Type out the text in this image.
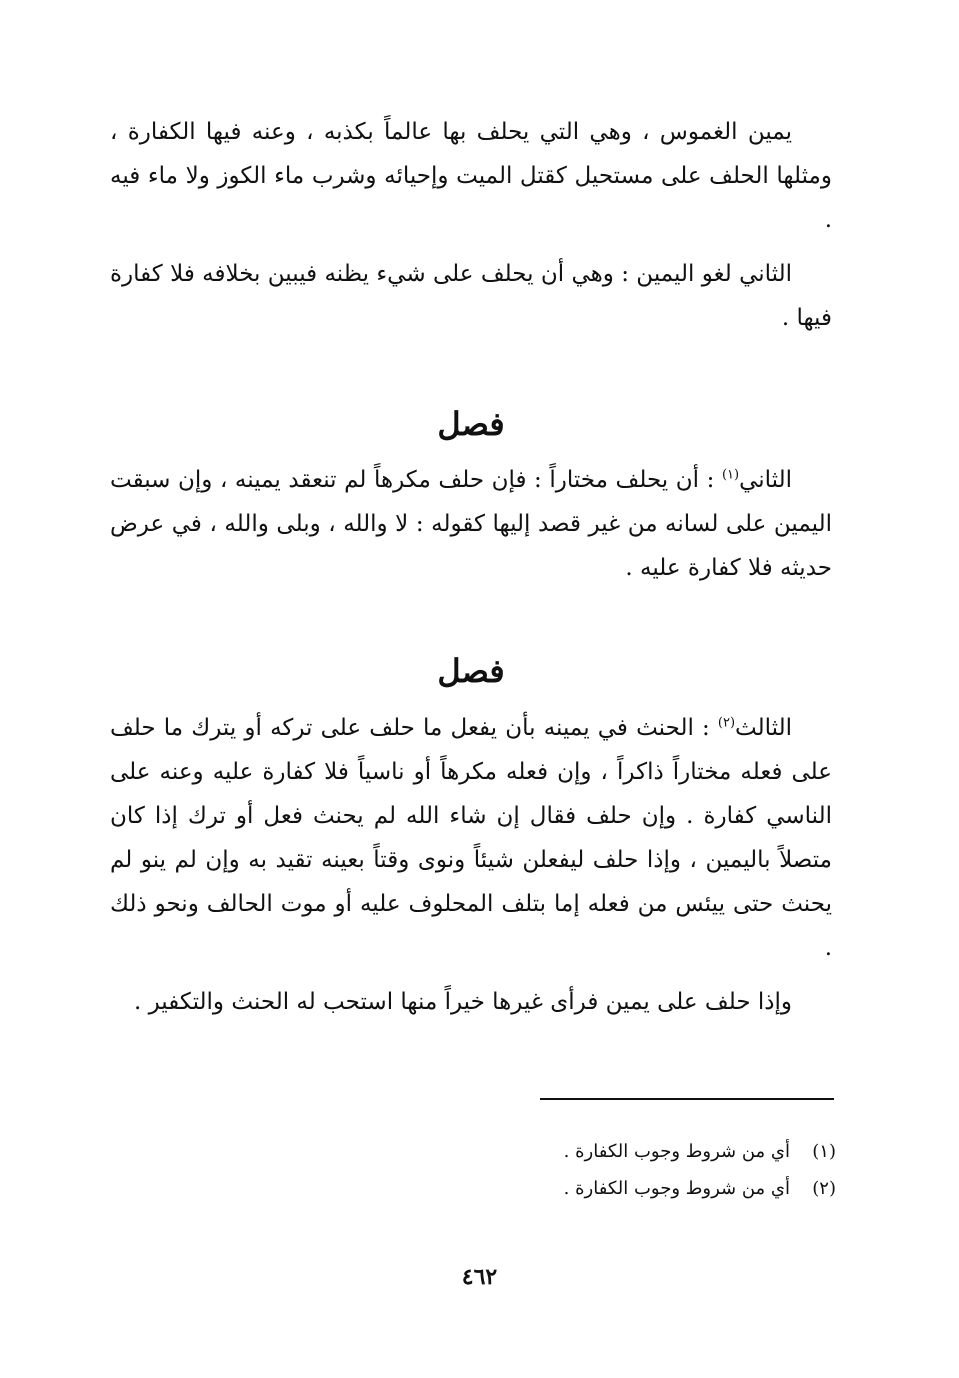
يمين الغموس ، وهي التي يحلف بها عالماً بكذبه ، وعنه فيها الكفارة ، ومثلها الحلف على مستحيل كقتل الميت وإحيائه وشرب ماء الكوز ولا ماء فيه .

الثاني لغو اليمين : وهي أن يحلف على شيء يظنه فيبين بخلافه فلا كفارة فيها .

فصل

الثاني$^{(١)}$ : أن يحلف مختاراً : فإن حلف مكرهاً لم تنعقد يمينه ، وإن سبقت اليمين على لسانه من غير قصد إليها كقوله : لا والله ، وبلى والله ، في عرض حديثه فلا كفارة عليه .

فصل

الثالث$^{(٢)}$ : الحنث في يمينه بأن يفعل ما حلف على تركه أو يترك ما حلف على فعله مختاراً ذاكراً ، وإن فعله مكرهاً أو ناسياً فلا كفارة عليه وعنه على الناسي كفارة . وإن حلف فقال إن شاء الله لم يحنث فعل أو ترك إذا كان متصلاً باليمين ، وإذا حلف ليفعلن شيئاً ونوى وقتاً بعينه تقيد به وإن لم ينو لم يحنث حتى ييئس من فعله إما بتلف المحلوف عليه أو موت الحالف ونحو ذلك .

وإذا حلف على يمين فرأى غيرها خيراً منها استحب له الحنث والتكفير .

(١)أي من شروط وجوب الكفارة .
(٢)أي من شروط وجوب الكفارة .
٤٦٢
